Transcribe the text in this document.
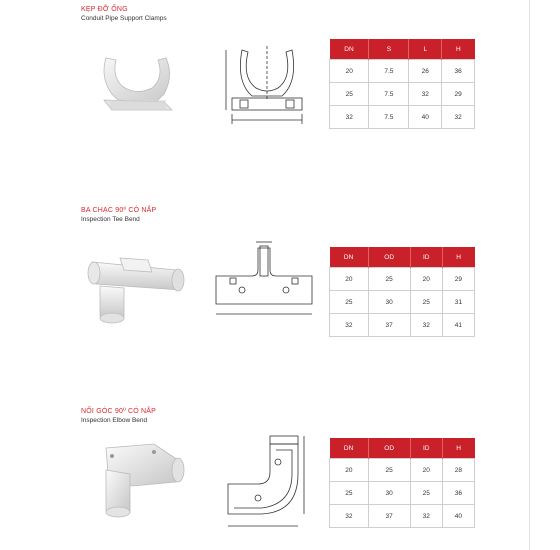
KẸP ĐỠ ỐNG
Conduit Pipe Support Clamps
DN	S	L	H
20	7.5	26	36
25	7.5	32	29
32	7.5	40	32
BA CHẠC 90º CÓ NẮP
Inspection Tee Bend
DN	OD	ID	H
20	25	20	29
25	30	25	31
32	37	32	41
NỐI GÓC 90º CÓ NẮP
Inspection Elbow Bend
DN	OD	ID	H
20	25	20	28
25	30	25	36
32	37	32	40
